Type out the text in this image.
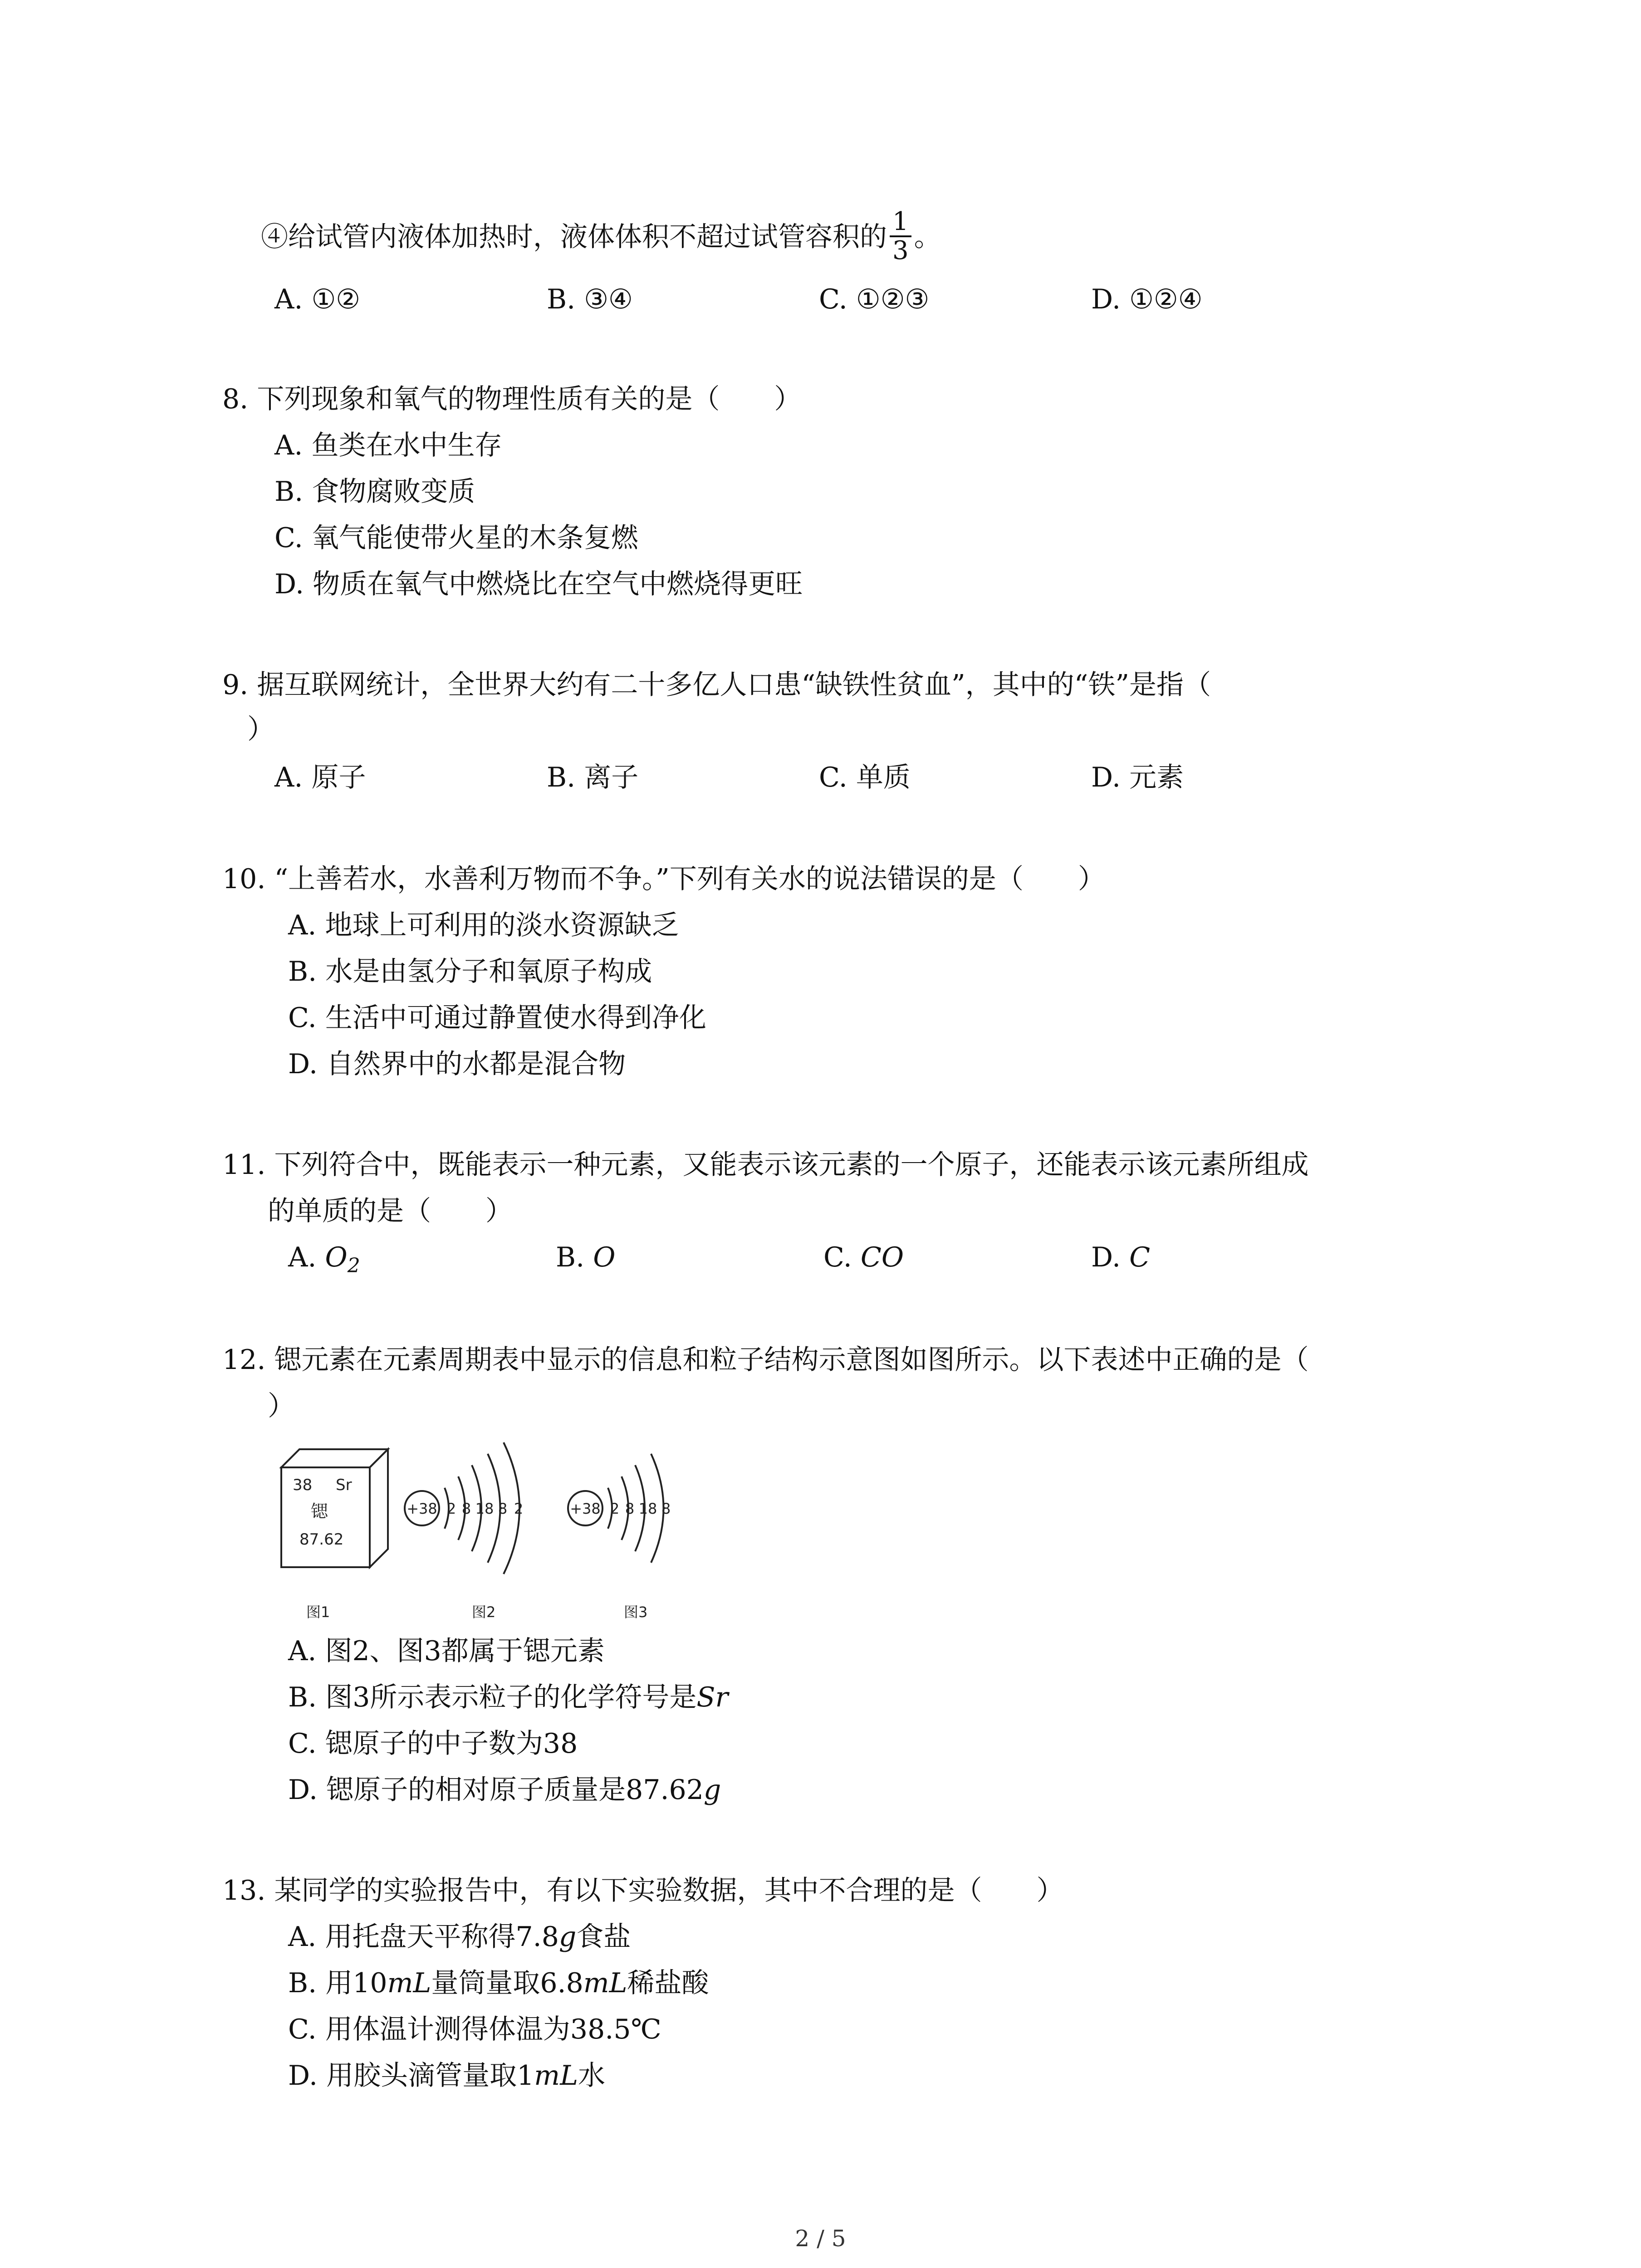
④给试管内液体加热时，液体体积不超过试管容积的 $\frac{1}{3}$ 。
A. ①②	B. ③④	C. ①②③	D. ①②④
8. 下列现象和氧气的物理性质有关的是（　　）
A. 鱼类在水中生存
B. 食物腐败变质
C. 氧气能使带火星的木条复燃
D. 物质在氧气中燃烧比在空气中燃烧得更旺
9. 据互联网统计，全世界大约有二十多亿人口患“缺铁性贫血”，其中的“铁”是指（
）
A. 原子	B. 离子	C. 单质	D. 元素
10. “上善若水，水善利万物而不争。”下列有关水的说法错误的是（　　）
A. 地球上可利用的淡水资源缺乏
B. 水是由氢分子和氧原子构成
C. 生活中可通过静置使水得到净化
D. 自然界中的水都是混合物
11. 下列符合中，既能表示一种元素，又能表示该元素的一个原子，还能表示该元素所组成
的单质的是（　　）
A. $O_2$	B. O	C. CO	D. C
12. 锶元素在元素周期表中显示的信息和粒子结构示意图如图所示。以下表述中正确的是（
）
38 Sr
锶
87.62
+38 2 8 18 8 2	+38 2 8 18 8
图1	图2	图3
A. 图2、图3都属于锶元素
B. 图3所示表示粒子的化学符号是Sr
C. 锶原子的中子数为38
D. 锶原子的相对原子质量是87.62g
13. 某同学的实验报告中，有以下实验数据，其中不合理的是（　　）
A. 用托盘天平称得7.8g食盐
B. 用10mL量筒量取6.8mL稀盐酸
C. 用体温计测得体温为38.5℃
D. 用胶头滴管量取1mL水
2 / 5
